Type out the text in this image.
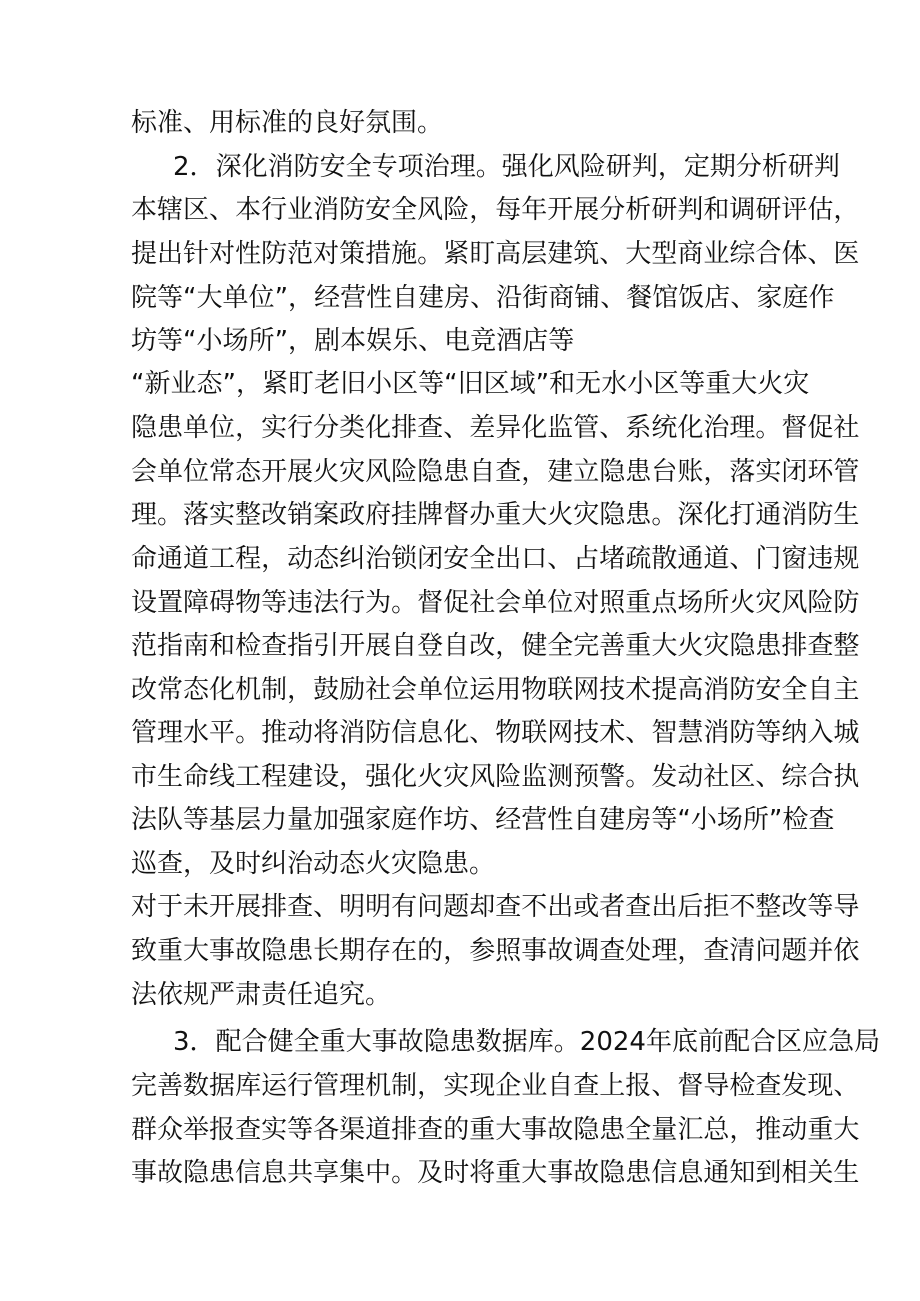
标准、用标准的良好氛围。
2 ． 深 化 消 防 安 全 专 项 治 理 。 强 化 风 险 研 判 ， 定 期 分 析 研 判
本 辖 区 、 本 行 业 消 防 安 全 风 险 ， 每 年 开 展 分 析 研 判 和 调 研 评 估 ，
提 出 针 对 性 防 范 对 策 措 施 。 紧 盯 高 层 建 筑 、 大 型 商 业 综 合 体 、 医
院 等 “ 大 单 位 ” ， 经 营 性 自 建 房 、 沿 街 商 铺 、 餐 馆 饭 店 、 家 庭 作
坊 等 “ 小 场 所 ” ， 剧 本 娱 乐 、 电 竞 酒 店 等
“ 新 业 态 ” ， 紧 盯 老 旧 小 区 等 “ 旧 区 域 ” 和 无 水 小 区 等 重 大 火 灾
隐 患 单 位 ， 实 行 分 类 化 排 查 、 差 异 化 监 管 、 系 统 化 治 理 。 督 促 社
会 单 位 常 态 开 展 火 灾 风 险 隐 患 自 查 ， 建 立 隐 患 台 账 ， 落 实 闭 环 管
理 。 落 实 整 改 销 案 政 府 挂 牌 督 办 重 大 火 灾 隐 患 。 深 化 打 通 消 防 生
命 通 道 工 程 ， 动 态 纠 治 锁 闭 安 全 出 口 、 占 堵 疏 散 通 道 、 门 窗 违 规
设 置 障 碍 物 等 违 法 行 为 。 督 促 社 会 单 位 对 照 重 点 场 所 火 灾 风 险 防
范 指 南 和 检 查 指 引 开 展 自 登 自 改 ， 健 全 完 善 重 大 火 灾 隐 患 排 查 整
改 常 态 化 机 制 ， 鼓 励 社 会 单 位 运 用 物 联 网 技 术 提 高 消 防 安 全 自 主
管 理 水 平 。 推 动 将 消 防 信 息 化 、 物 联 网 技 术 、 智 慧 消 防 等 纳 入 城
市 生 命 线 工 程 建 设 ， 强 化 火 灾 风 险 监 测 预 警 。 发 动 社 区 、 综 合 执
法 队 等 基 层 力 量 加 强 家 庭 作 坊 、 经 营 性 自 建 房 等 “ 小 场 所 ” 检 查
巡查，及时纠治动态火灾隐患。
对 于 未 开 展 排 查 、 明 明 有 问 题 却 查 不 出 或 者 查 出 后 拒 不 整 改 等 导
致 重 大 事 故 隐 患 长 期 存 在 的 ， 参 照 事 故 调 查 处 理 ， 查 清 问 题 并 依
法依规严肃责任追究。
3 ． 配 合 健 全 重 大 事 故 隐 患 数 据 库 。 2024 年 底 前 配 合 区 应 急 局
完 善 数 据 库 运 行 管 理 机 制 ， 实 现 企 业 自 查 上 报 、 督 导 检 查 发 现 、
群 众 举 报 查 实 等 各 渠 道 排 查 的 重 大 事 故 隐 患 全 量 汇 总 ， 推 动 重 大
事 故 隐 患 信 息 共 享 集 中 。 及 时 将 重 大 事 故 隐 患 信 息 通 知 到 相 关 生
